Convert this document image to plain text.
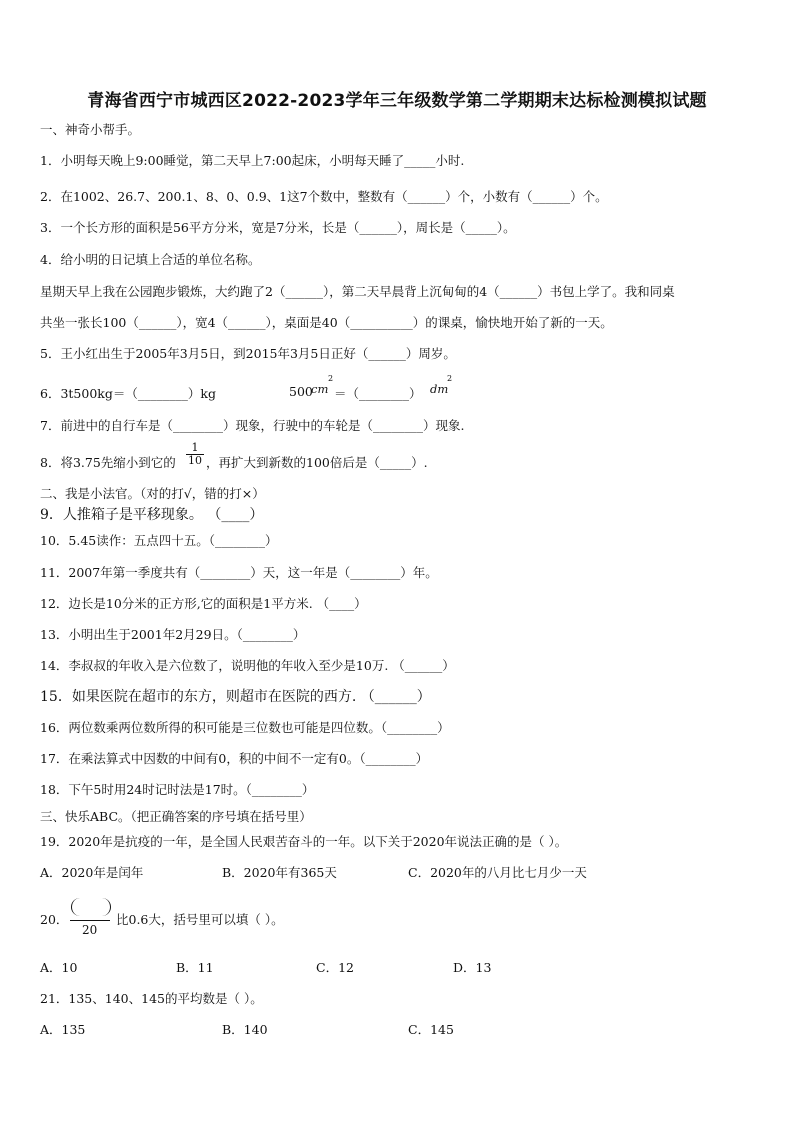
青海省西宁市城西区2022-2023学年三年级数学第二学期期末达标检测模拟试题
一、神奇小帮手。
1．小明每天晚上9:00睡觉，第二天早上7:00起床，小明每天睡了_____小时.
2．在1002、26.7、200.1、8、0、0.9、1这7个数中，整数有（______）个，小数有（______）个。
3．一个长方形的面积是56平方分米，宽是7分米，长是（______），周长是（_____）。
4．给小明的日记填上合适的单位名称。
星期天早上我在公园跑步锻炼，大约跑了2（______），第二天早晨背上沉甸甸的4（______）书包上学了。我和同桌
共坐一张长100（______），宽4（______），桌面是40（__________）的课桌，愉快地开始了新的一天。
5．王小红出生于2005年3月5日，到2015年3月5日正好（______）周岁。
6．3t500kg＝（________）kg	500
cm
2
＝（________） dm
2
7．前进中的自行车是（________）现象，行驶中的车轮是（________）现象.
8．将3.75先缩小到它的
1
10 ，再扩大到新数的100倍后是（_____）.
二、我是小法官。（对的打√，错的打×）
9．人推箱子是平移现象。 （____）
10．5.45读作：五点四十五。（________）
11．2007年第一季度共有（________）天，这一年是（________）年。
12．边长是10分米的正方形,它的面积是1平方米. （____）
13．小明出生于2001年2月29日。（________）
14．李叔叔的年收入是六位数了，说明他的年收入至少是10万. （______）
15．如果医院在超市的东方，则超市在医院的西方. （______）
16．两位数乘两位数所得的积可能是三位数也可能是四位数。（________）
17．在乘法算式中因数的中间有0，积的中间不一定有0。（________）
18．下午5时用24时记时法是17时。（________）
三、快乐ABC。（把正确答案的序号填在括号里）
19．2020年是抗疫的一年，是全国人民艰苦奋斗的一年。以下关于2020年说法正确的是（ ）。
A．2020年是闰年	B．2020年有365天	C．2020年的八月比七月少一天
20．
20
比0.6大，括号里可以填（ ）。
A．10	B．11	C．12	D．13
21．135、140、145的平均数是（ ）。
A．135	B．140	C．145
